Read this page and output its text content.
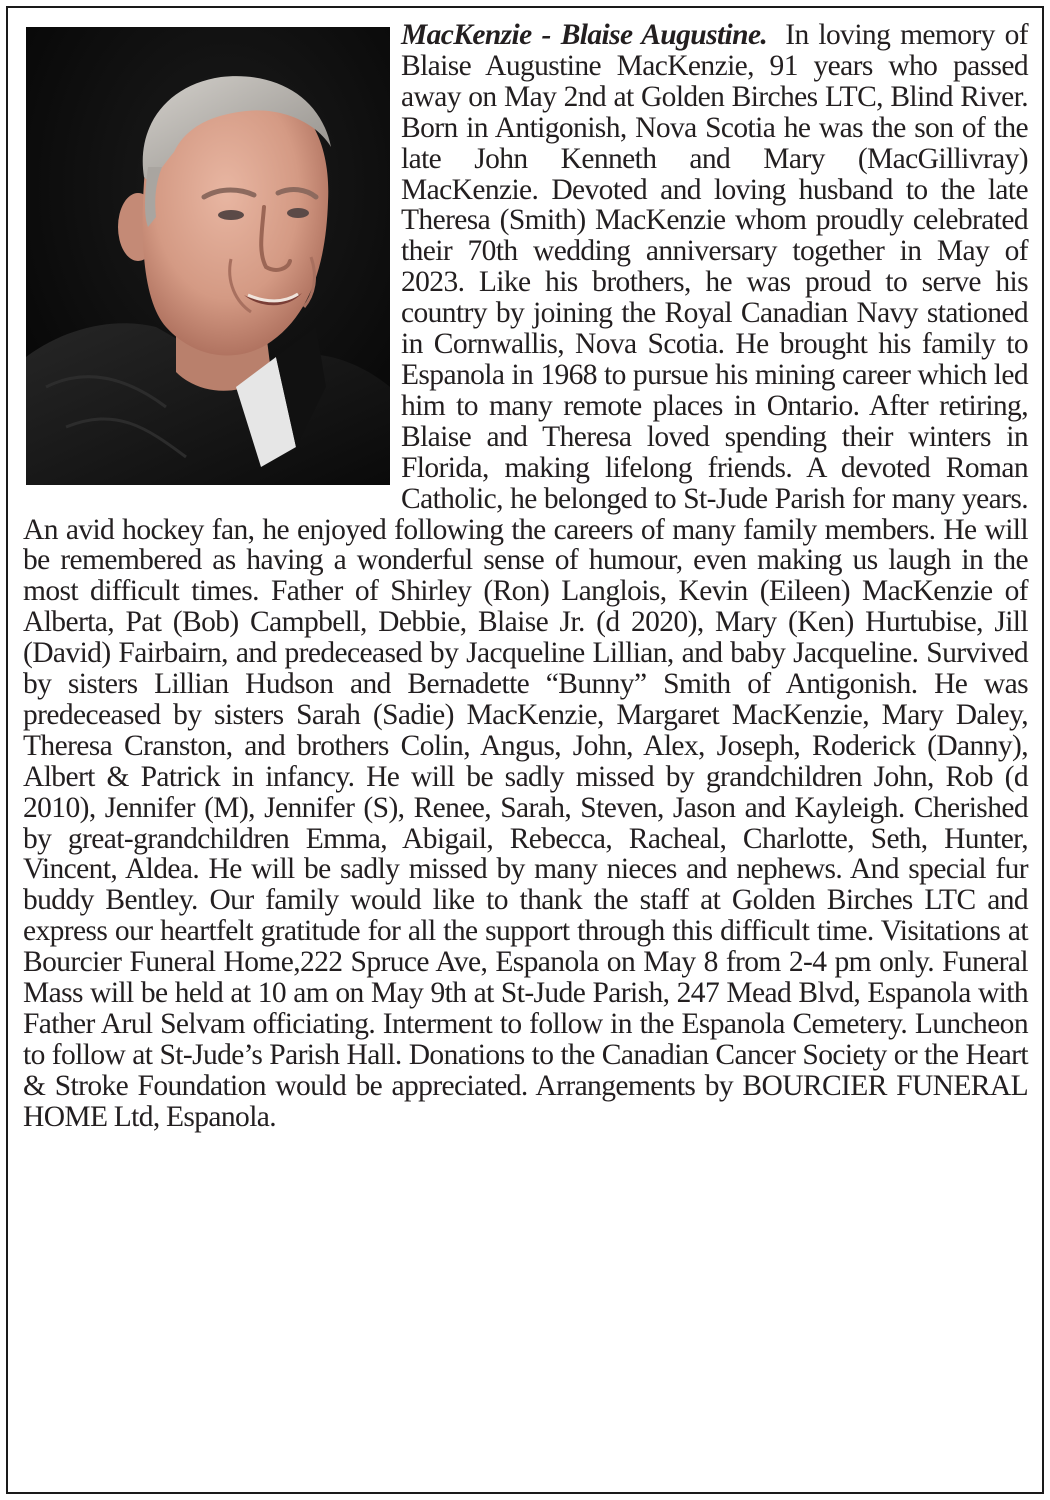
MacKenzie - Blaise Augustine. In loving memory of Blaise Augustine MacKenzie, 91 years who passed away on May 2nd at Golden Birches LTC, Blind River. Born in Antigonish, Nova Scotia he was the son of the late John Kenneth and Mary (MacGillivray) MacKenzie. Devoted and loving husband to the late Theresa (Smith) MacKenzie whom proudly celebrated their 70th wedding anniversary together in May of 2023. Like his brothers, he was proud to serve his country by joining the Royal Canadian Navy stationed in Cornwallis, Nova Scotia. He brought his family to Espanola in 1968 to pursue his mining career which led him to many remote places in Ontario. After retiring, Blaise and Theresa loved spending their winters in Florida, making lifelong friends. A devoted Roman Catholic, he belonged to St-Jude Parish for many years. An avid hockey fan, he enjoyed following the careers of many family members. He will be remembered as having a wonderful sense of humour, even making us laugh in the most difficult times. Father of Shirley (Ron) Langlois, Kevin (Eileen) MacKenzie of Alberta, Pat (Bob) Campbell, Debbie, Blaise Jr. (d 2020), Mary (Ken) Hurtubise, Jill (David) Fairbairn, and predeceased by Jacqueline Lillian, and baby Jacqueline. Survived by sisters Lillian Hudson and Bernadette “Bunny” Smith of Antigonish. He was predeceased by sisters Sarah (Sadie) MacKenzie, Margaret MacKenzie, Mary Daley, Theresa Cranston, and brothers Colin, Angus, John, Alex, Joseph, Roderick (Danny), Albert & Patrick in infancy. He will be sadly missed by grandchildren John, Rob (d 2010), Jennifer (M), Jennifer (S), Renee, Sarah, Steven, Jason and Kayleigh. Cherished by great-grandchildren Emma, Abigail, Rebecca, Racheal, Charlotte, Seth, Hunter, Vincent, Aldea. He will be sadly missed by many nieces and nephews. And special fur buddy Bentley. Our family would like to thank the staff at Golden Birches LTC and express our heartfelt gratitude for all the support through this difficult time. Visitations at Bourcier Funeral Home,222 Spruce Ave, Espanola on May 8 from 2-4 pm only. Funeral Mass will be held at 10 am on May 9th at St-Jude Parish, 247 Mead Blvd, Espanola with Father Arul Selvam officiating. Interment to follow in the Espanola Cemetery. Luncheon to follow at St-Jude’s Parish Hall. Donations to the Canadian Cancer Society or the Heart & Stroke Foundation would be appreciated. Arrangements by BOURCIER FUNERAL HOME Ltd, Espanola.
